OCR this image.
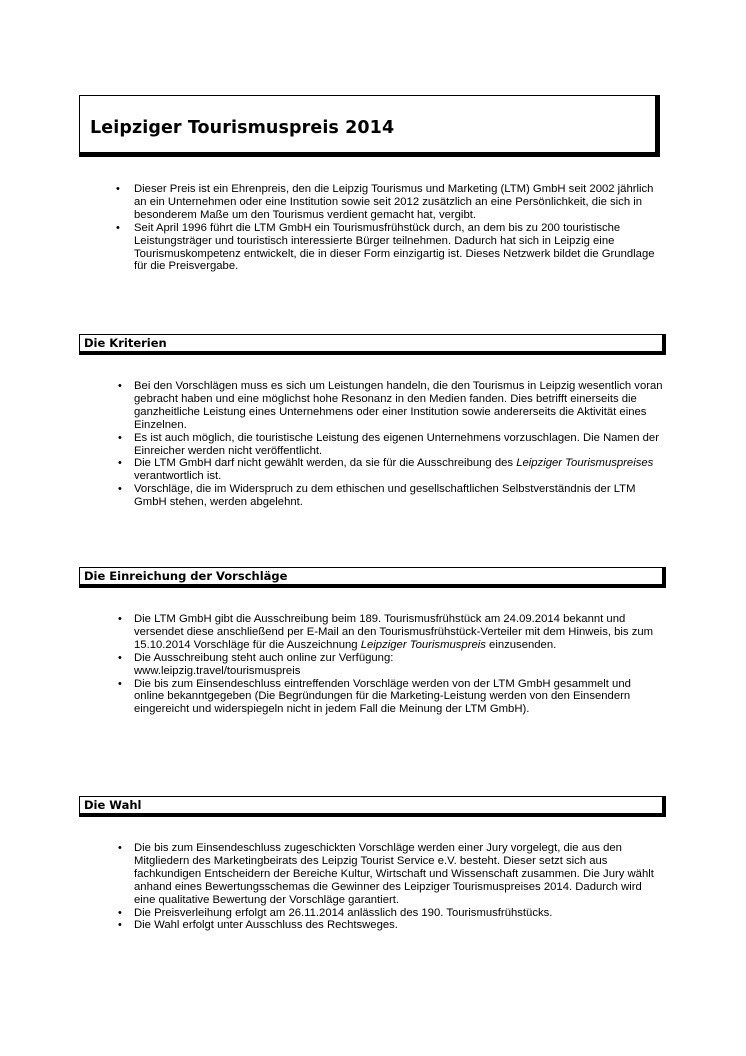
Leipziger Tourismuspreis 2014
• Dieser Preis ist ein Ehrenpreis, den die Leipzig Tourismus und Marketing (LTM) GmbH seit 2002 jährlich an ein Unternehmen oder eine Institution sowie seit 2012 zusätzlich an eine Persönlichkeit, die sich in besonderem Maße um den Tourismus verdient gemacht hat, vergibt.
• Seit April 1996 führt die LTM GmbH ein Tourismusfrühstück durch, an dem bis zu 200 touristische Leistungsträger und touristisch interessierte Bürger teilnehmen. Dadurch hat sich in Leipzig eine Tourismuskompetenz entwickelt, die in dieser Form einzigartig ist. Dieses Netzwerk bildet die Grundlage für die Preisvergabe.
Die Kriterien
• Bei den Vorschlägen muss es sich um Leistungen handeln, die den Tourismus in Leipzig wesentlich voran gebracht haben und eine möglichst hohe Resonanz in den Medien fanden. Dies betrifft einerseits die ganzheitliche Leistung eines Unternehmens oder einer Institution sowie andererseits die Aktivität eines Einzelnen.
• Es ist auch möglich, die touristische Leistung des eigenen Unternehmens vorzuschlagen. Die Namen der Einreicher werden nicht veröffentlicht.
• Die LTM GmbH darf nicht gewählt werden, da sie für die Ausschreibung des Leipziger Tourismuspreises verantwortlich ist.
• Vorschläge, die im Widerspruch zu dem ethischen und gesellschaftlichen Selbstverständnis der LTM GmbH stehen, werden abgelehnt.
Die Einreichung der Vorschläge
• Die LTM GmbH gibt die Ausschreibung beim 189. Tourismusfrühstück am 24.09.2014 bekannt und versendet diese anschließend per E-Mail an den Tourismusfrühstück-Verteiler mit dem Hinweis, bis zum 15.10.2014 Vorschläge für die Auszeichnung Leipziger Tourismuspreis einzusenden.
• Die Ausschreibung steht auch online zur Verfügung:
www.leipzig.travel/tourismuspreis
• Die bis zum Einsendeschluss eintreffenden Vorschläge werden von der LTM GmbH gesammelt und online bekanntgegeben (Die Begründungen für die Marketing-Leistung werden von den Einsendern eingereicht und widerspiegeln nicht in jedem Fall die Meinung der LTM GmbH).
Die Wahl
• Die bis zum Einsendeschluss zugeschickten Vorschläge werden einer Jury vorgelegt, die aus den Mitgliedern des Marketingbeirats des Leipzig Tourist Service e.V. besteht. Dieser setzt sich aus fachkundigen Entscheidern der Bereiche Kultur, Wirtschaft und Wissenschaft zusammen. Die Jury wählt anhand eines Bewertungsschemas die Gewinner des Leipziger Tourismuspreises 2014. Dadurch wird eine qualitative Bewertung der Vorschläge garantiert.
• Die Preisverleihung erfolgt am 26.11.2014 anlässlich des 190. Tourismusfrühstücks.
• Die Wahl erfolgt unter Ausschluss des Rechtsweges.
